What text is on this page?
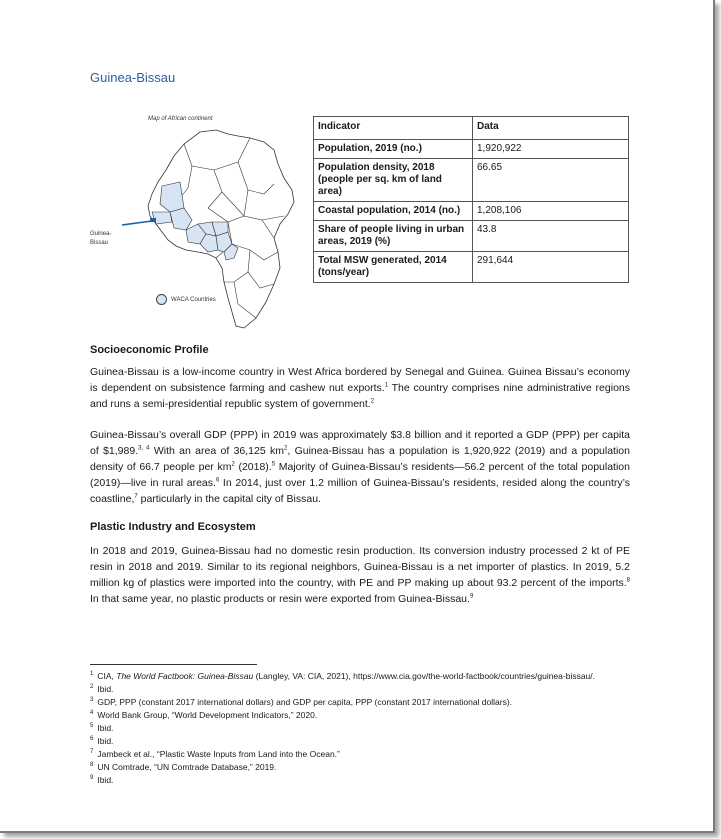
Guinea-Bissau
Map of African continent
Guinea-
Bissau
WACA Countries
Indicator	Data
Population, 2019 (no.)	1,920,922
Population density, 2018 (people per sq. km of land area)	66.65
Coastal population, 2014 (no.)	1,208,106
Share of people living in urban areas, 2019 (%)	43.8
Total MSW generated, 2014 (tons/year)	291,644
Socioeconomic Profile

Guinea-Bissau is a low-income country in West Africa bordered by Senegal and Guinea. Guinea Bissau’s economy is dependent on subsistence farming and cashew nut exports.$^1$ The country comprises nine administrative regions and runs a semi-presidential republic system of government.$^2$

Guinea-Bissau’s overall GDP (PPP) in 2019 was approximately $3.8 billion and it reported a GDP (PPP) per capita of $1,989.$^{3, 4}$ With an area of 36,125 $km^2$, Guinea-Bissau has a population is 1,920,922 (2019) and a population density of 66.7 people per $km^2$ (2018).$^5$ Majority of Guinea-Bissau’s residents—56.2 percent of the total population (2019)—live in rural areas.$^6$ In 2014, just over 1.2 million of Guinea-Bissau’s residents, resided along the country’s coastline,$^7$ particularly in the capital city of Bissau.

Plastic Industry and Ecosystem

In 2018 and 2019, Guinea-Bissau had no domestic resin production. Its conversion industry processed 2 kt of PE resin in 2018 and 2019. Similar to its regional neighbors, Guinea-Bissau is a net importer of plastics. In 2019, 5.2 million kg of plastics were imported into the country, with PE and PP making up about 93.2 percent of the imports.$^8$ In that same year, no plastic products or resin were exported from Guinea-Bissau.$^9$

$^1$ CIA, The World Factbook: Guinea-Bissau (Langley, VA: CIA, 2021), https://www.cia.gov/the-world-factbook/countries/guinea-bissau/.

$^2$ Ibid.

$^3$ GDP, PPP (constant 2017 international dollars) and GDP per capita, PPP (constant 2017 international dollars).

$^4$ World Bank Group, “World Development Indicators,” 2020.

$^5$ Ibid.

$^6$ Ibid.

$^7$ Jambeck et al., “Plastic Waste Inputs from Land into the Ocean.”

$^8$ UN Comtrade, “UN Comtrade Database,” 2019.

$^9$ Ibid.
